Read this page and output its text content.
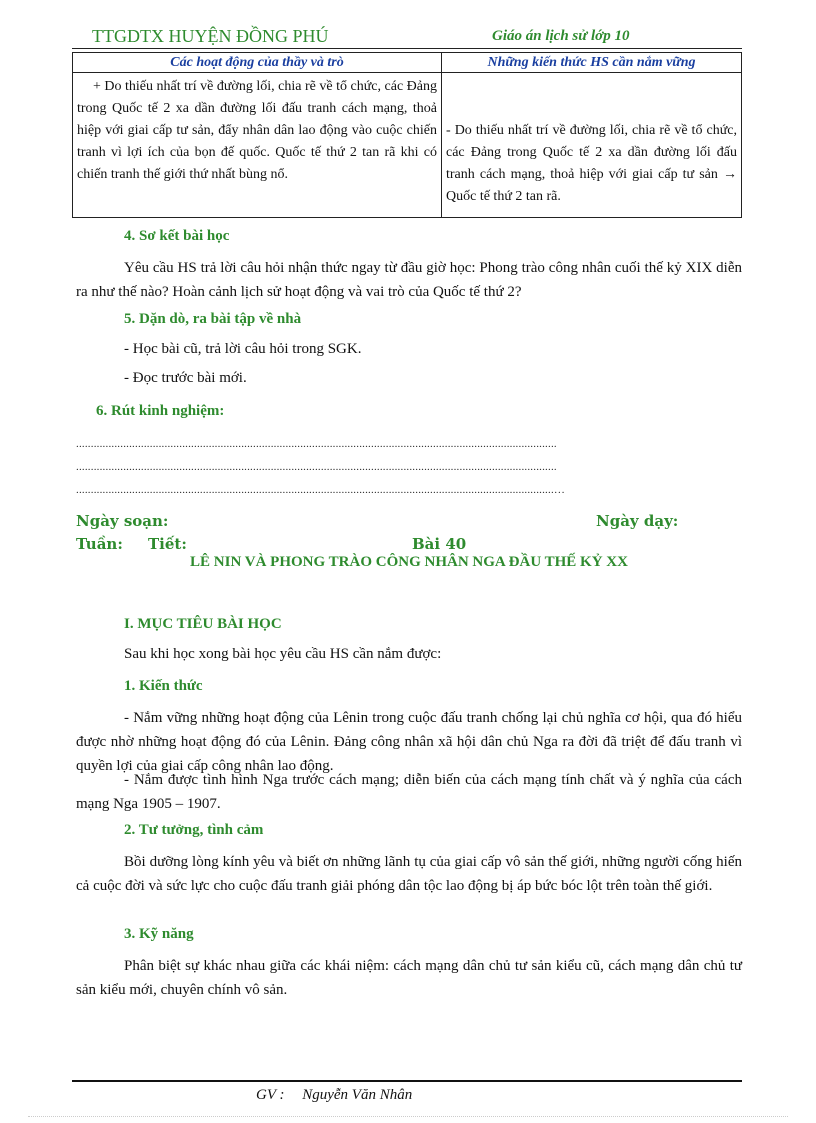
TTGDTX HUYỆN ĐỒNG PHÚ	Giáo án lịch sử lớp 10
Các hoạt động của thầy và trò	Những kiến thức HS cần nắm vững
+ Do thiếu nhất trí về đường lối, chia rẽ về tổ chức, các Đảng trong Quốc tế 2 xa dần đường lối đấu tranh cách mạng, thoả hiệp với giai cấp tư sản, đẩy nhân dân lao động vào cuộc chiến tranh vì lợi ích của bọn đế quốc. Quốc tế thứ 2 tan rã khi có chiến tranh thế giới thứ nhất bùng nổ.	- Do thiếu nhất trí về đường lối, chia rẽ về tổ chức, các Đảng trong Quốc tế 2 xa dần đường lối đấu tranh cách mạng, thoả hiệp với giai cấp tư sản → Quốc tế thứ 2 tan rã.
4. Sơ kết bài học
Yêu cầu HS trả lời câu hỏi nhận thức ngay từ đầu giờ học: Phong trào công nhân cuối thế kỷ XIX diễn ra như thế nào? Hoàn cảnh lịch sử hoạt động và vai trò của Quốc tế thứ 2?
5. Dặn dò, ra bài tập về nhà
- Học bài cũ, trả lời câu hỏi trong SGK.
- Đọc trước bài mới.
6. Rút kinh nghiệm:
...................................................................................................................................................................
...................................................................................................................................................................
..................................................................................................................................................................…
Ngày soạn:	Ngày dạy:
Tuần: Tiết:	Bài 40
LÊ NIN VÀ PHONG TRÀO CÔNG NHÂN NGA ĐẦU THẾ KỶ XX
I. MỤC TIÊU BÀI HỌC
Sau khi học xong bài học yêu cầu HS cần nắm được:
1. Kiến thức
- Nắm vững những hoạt động của Lênin trong cuộc đấu tranh chống lại chủ nghĩa cơ hội, qua đó hiểu được nhờ những hoạt động đó của Lênin. Đảng công nhân xã hội dân chủ Nga ra đời đã triệt để đấu tranh vì quyền lợi của giai cấp công nhân lao động.
- Nắm được tình hình Nga trước cách mạng; diễn biến của cách mạng tính chất và ý nghĩa của cách mạng Nga 1905 – 1907.
2. Tư tưởng, tình cảm
Bồi dưỡng lòng kính yêu và biết ơn những lãnh tụ của giai cấp vô sản thế giới, những người cống hiến cả cuộc đời và sức lực cho cuộc đấu tranh giải phóng dân tộc lao động bị áp bức bóc lột trên toàn thế giới.
3. Kỹ năng
Phân biệt sự khác nhau giữa các khái niệm: cách mạng dân chủ tư sản kiểu cũ, cách mạng dân chủ tư sản kiểu mới, chuyên chính vô sản.
GV : Nguyễn Văn Nhân
